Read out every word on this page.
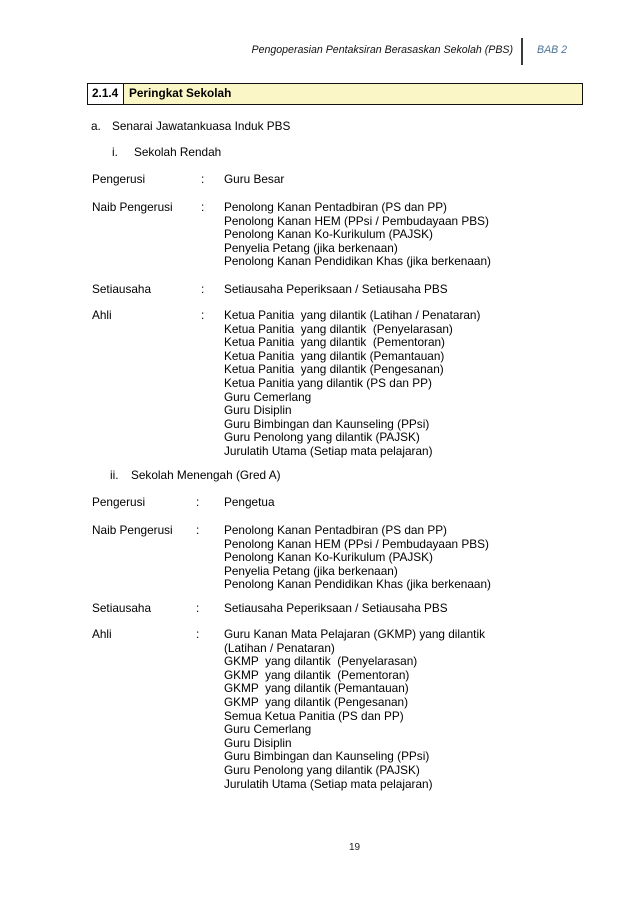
Pengoperasian Pentaksiran Berasaskan Sekolah (PBS) BAB 2
2.1.4 Peringkat Sekolah
a. Senarai Jawatankuasa Induk PBS
i. Sekolah Rendah
Pengerusi	: Guru Besar
Naib Pengerusi : Penolong Kanan Pentadbiran (PS dan PP)
Penolong Kanan HEM (PPsi / Pembudayaan PBS)
Penolong Kanan Ko-Kurikulum (PAJSK)
Penyelia Petang (jika berkenaan)
Penolong Kanan Pendidikan Khas (jika berkenaan)
Setiausaha	: Setiausaha Peperiksaan / Setiausaha PBS
Ahli	: Ketua Panitia  yang dilantik (Latihan / Penataran)
Ketua Panitia  yang dilantik  (Penyelarasan)
Ketua Panitia  yang dilantik  (Pementoran)
Ketua Panitia  yang dilantik (Pemantauan)
Ketua Panitia  yang dilantik (Pengesanan)
Ketua Panitia yang dilantik (PS dan PP)
Guru Cemerlang
Guru Disiplin
Guru Bimbingan dan Kaunseling (PPsi)
Guru Penolong yang dilantik (PAJSK)
Jurulatih Utama (Setiap mata pelajaran)
ii. Sekolah Menengah (Gred A)
Pengerusi	: Pengetua
Naib Pengerusi : Penolong Kanan Pentadbiran (PS dan PP)
Penolong Kanan HEM (PPsi / Pembudayaan PBS)
Penolong Kanan Ko-Kurikulum (PAJSK)
Penyelia Petang (jika berkenaan)
Penolong Kanan Pendidikan Khas (jika berkenaan)
Setiausaha	: Setiausaha Peperiksaan / Setiausaha PBS
Ahli	: Guru Kanan Mata Pelajaran (GKMP) yang dilantik
(Latihan / Penataran)
GKMP  yang dilantik  (Penyelarasan)
GKMP  yang dilantik  (Pementoran)
GKMP  yang dilantik (Pemantauan)
GKMP  yang dilantik (Pengesanan)
Semua Ketua Panitia (PS dan PP)
Guru Cemerlang
Guru Disiplin
Guru Bimbingan dan Kaunseling (PPsi)
Guru Penolong yang dilantik (PAJSK)
Jurulatih Utama (Setiap mata pelajaran)
19
